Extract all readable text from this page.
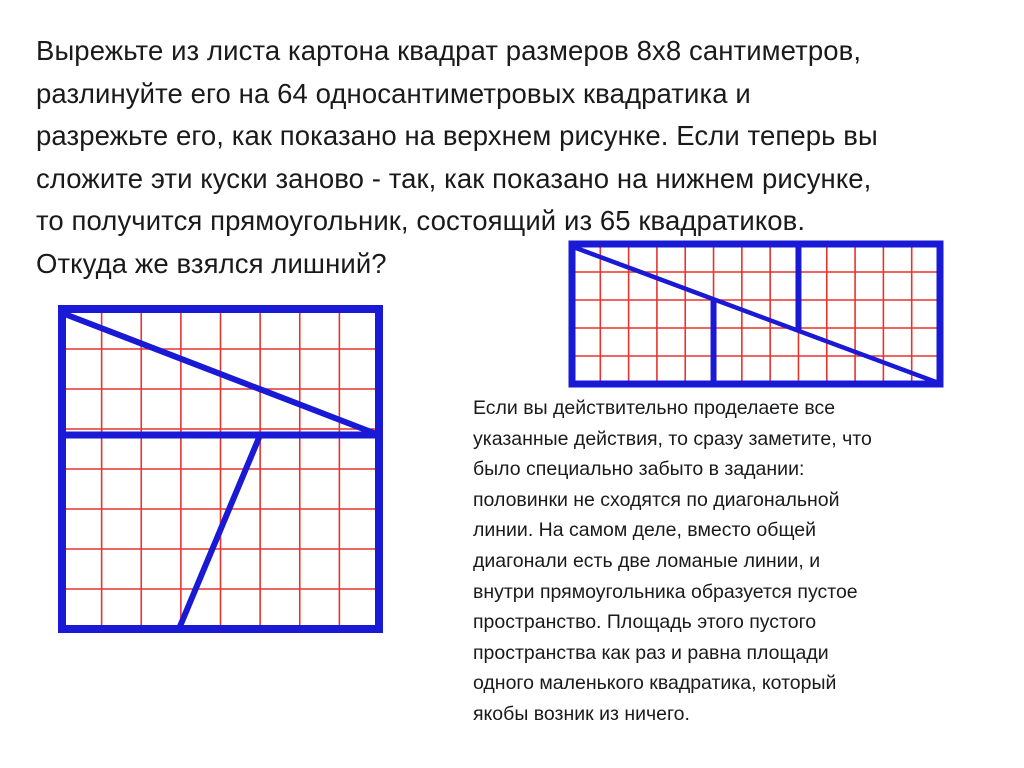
Вырежьте из листа картона квадрат размеров 8х8 сантиметров,
разлинуйте его на 64 односантиметровых квадратика и
разрежьте его, как показано на верхнем рисунке. Если теперь вы
сложите эти куски заново - так, как показано на нижнем рисунке,
то получится прямоугольник, состоящий из 65 квадратиков.
Откуда же взялся лишний?
Если вы действительно проделаете все
указанные действия, то сразу заметите, что
было специально забыто в задании:
половинки не сходятся по диагональной
линии. На самом деле, вместо общей
диагонали есть две ломаные линии, и
внутри прямоугольника образуется пустое
пространство. Площадь этого пустого
пространства как раз и равна площади
одного маленького квадратика, который
якобы возник из ничего.
